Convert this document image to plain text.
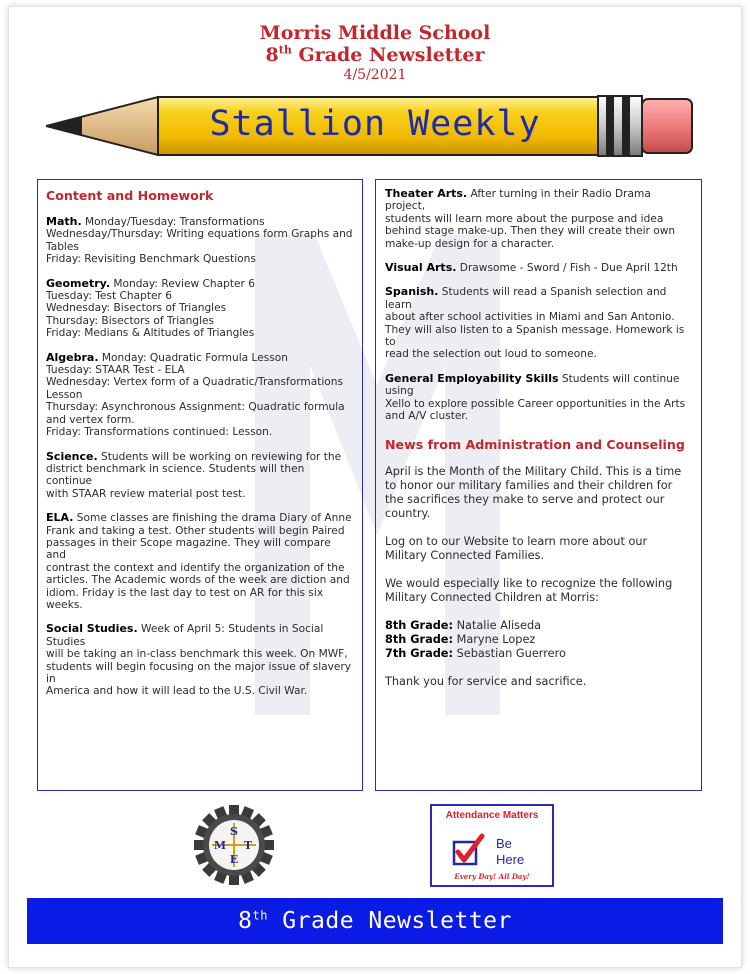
Morris Middle School
8th Grade Newsletter
4/5/2021
Stallion Weekly
Content and Homework
Math. Monday/Tuesday: Transformations
Wednesday/Thursday: Writing equations form Graphs and
Tables
Friday: Revisiting Benchmark Questions
Geometry. Monday: Review Chapter 6
Tuesday: Test Chapter 6
Wednesday: Bisectors of Triangles
Thursday: Bisectors of Triangles
Friday: Medians & Altitudes of Triangles
Algebra. Monday: Quadratic Formula Lesson
Tuesday: STAAR Test - ELA
Wednesday: Vertex form of a Quadratic/Transformations
Lesson
Thursday: Asynchronous Assignment: Quadratic formula
and vertex form.
Friday: Transformations continued: Lesson.
Science. Students will be working on reviewing for the
district benchmark in science. Students will then continue
with STAAR review material post test.
ELA. Some classes are finishing the drama Diary of Anne
Frank and taking a test. Other students will begin Paired
passages in their Scope magazine. They will compare and
contrast the context and identify the organization of the
articles. The Academic words of the week are diction and
idiom. Friday is the last day to test on AR for this six weeks.
Social Studies. Week of April 5: Students in Social Studies
will be taking an in-class benchmark this week. On MWF,
students will begin focusing on the major issue of slavery in
America and how it will lead to the U.S. Civil War.
Theater Arts. After turning in their Radio Drama project,
students will learn more about the purpose and idea
behind stage make-up. Then they will create their own
make-up design for a character.
Visual Arts. Drawsome - Sword / Fish - Due April 12th
Spanish. Students will read a Spanish selection and learn
about after school activities in Miami and San Antonio.
They will also listen to a Spanish message. Homework is to
read the selection out loud to someone.
General Employability Skills Students will continue using
Xello to explore possible Career opportunities in the Arts
and A/V cluster.
News from Administration and Counseling
April is the Month of the Military Child. This is a time
to honor our military families and their children for
the sacrifices they make to serve and protect our
country.
Log on to our Website to learn more about our
Military Connected Families.
We would especially like to recognize the following
Military Connected Children at Morris:
8th Grade: Natalie Aliseda
8th Grade: Maryne Lopez
7th Grade: Sebastian Guerrero
Thank you for service and sacrifice.
S
T
E
M
Attendance Matters
Be
Here
Every Day! All Day!
8th Grade Newsletter
